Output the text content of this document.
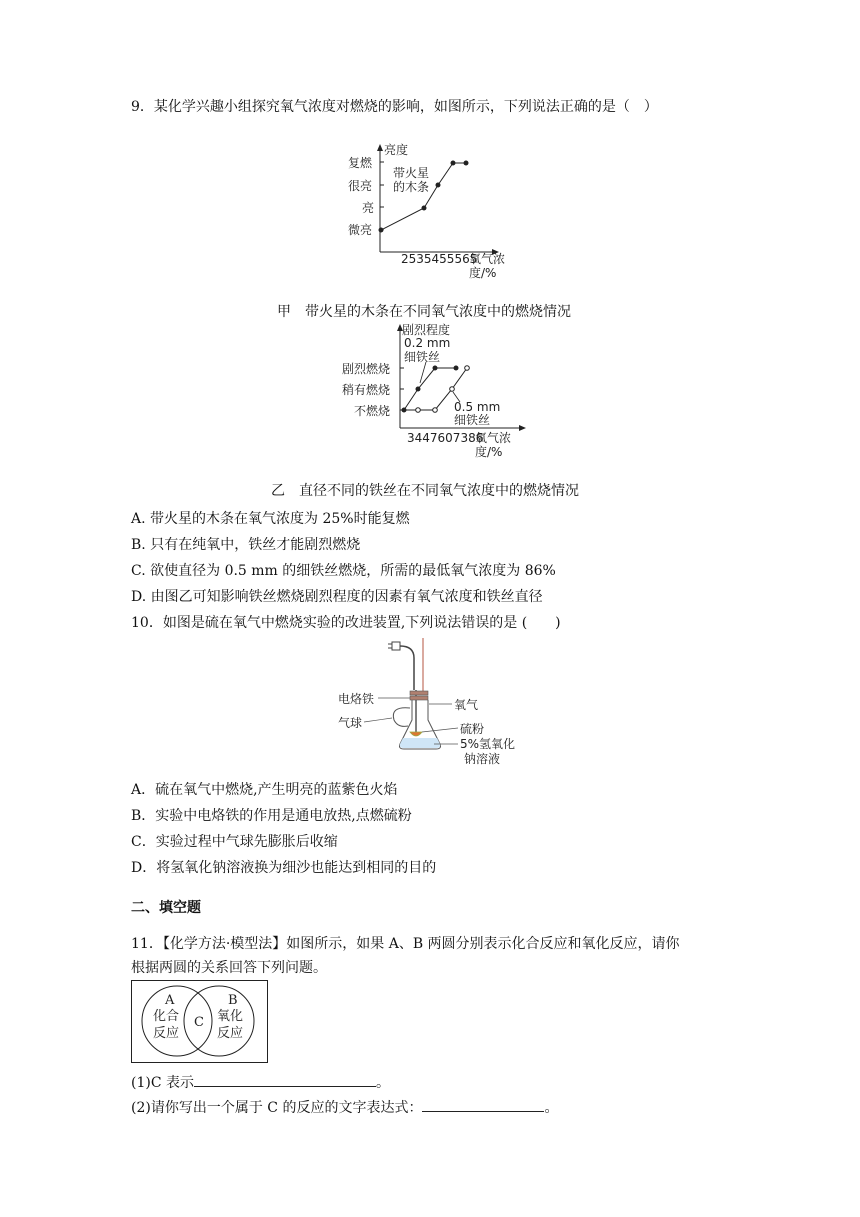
9．某化学兴趣小组探究氧气浓度对燃烧的影响，如图所示，下列说法正确的是（　）
亮度
复燃
很亮
亮
微亮
带火星
的木条
2535455565
氧气浓
度/%
甲　带火星的木条在不同氧气浓度中的燃烧情况
剧烈程度
剧烈燃烧
稍有燃烧
不燃烧
0.2 mm
细铁丝
0.5 mm
细铁丝
3447607386
氧气浓
度/%
乙　直径不同的铁丝在不同氧气浓度中的燃烧情况
A. 带火星的木条在氧气浓度为 25%时能复燃
B. 只有在纯氧中，铁丝才能剧烈燃烧
C. 欲使直径为 0.5 mm 的细铁丝燃烧，所需的最低氧气浓度为 86%
D. 由图乙可知影响铁丝燃烧剧烈程度的因素有氧气浓度和铁丝直径
10．如图是硫在氧气中燃烧实验的改进装置,下列说法错误的是 (　　)
电烙铁
气球
氧气
硫粉
5%氢氧化
钠溶液
A．硫在氧气中燃烧,产生明亮的蓝紫色火焰
B．实验中电烙铁的作用是通电放热,点燃硫粉
C．实验过程中气球先膨胀后收缩
D．将氢氧化钠溶液换为细沙也能达到相同的目的
二、填空题
11．【化学方法·模型法】如图所示，如果 A、B 两圆分别表示化合反应和氧化反应，请你
根据两圆的关系回答下列问题。
A
化合
反应
C
B
氧化
反应
(1)C 表示	。
(2)请你写出一个属于 C 的反应的文字表达式：	。
